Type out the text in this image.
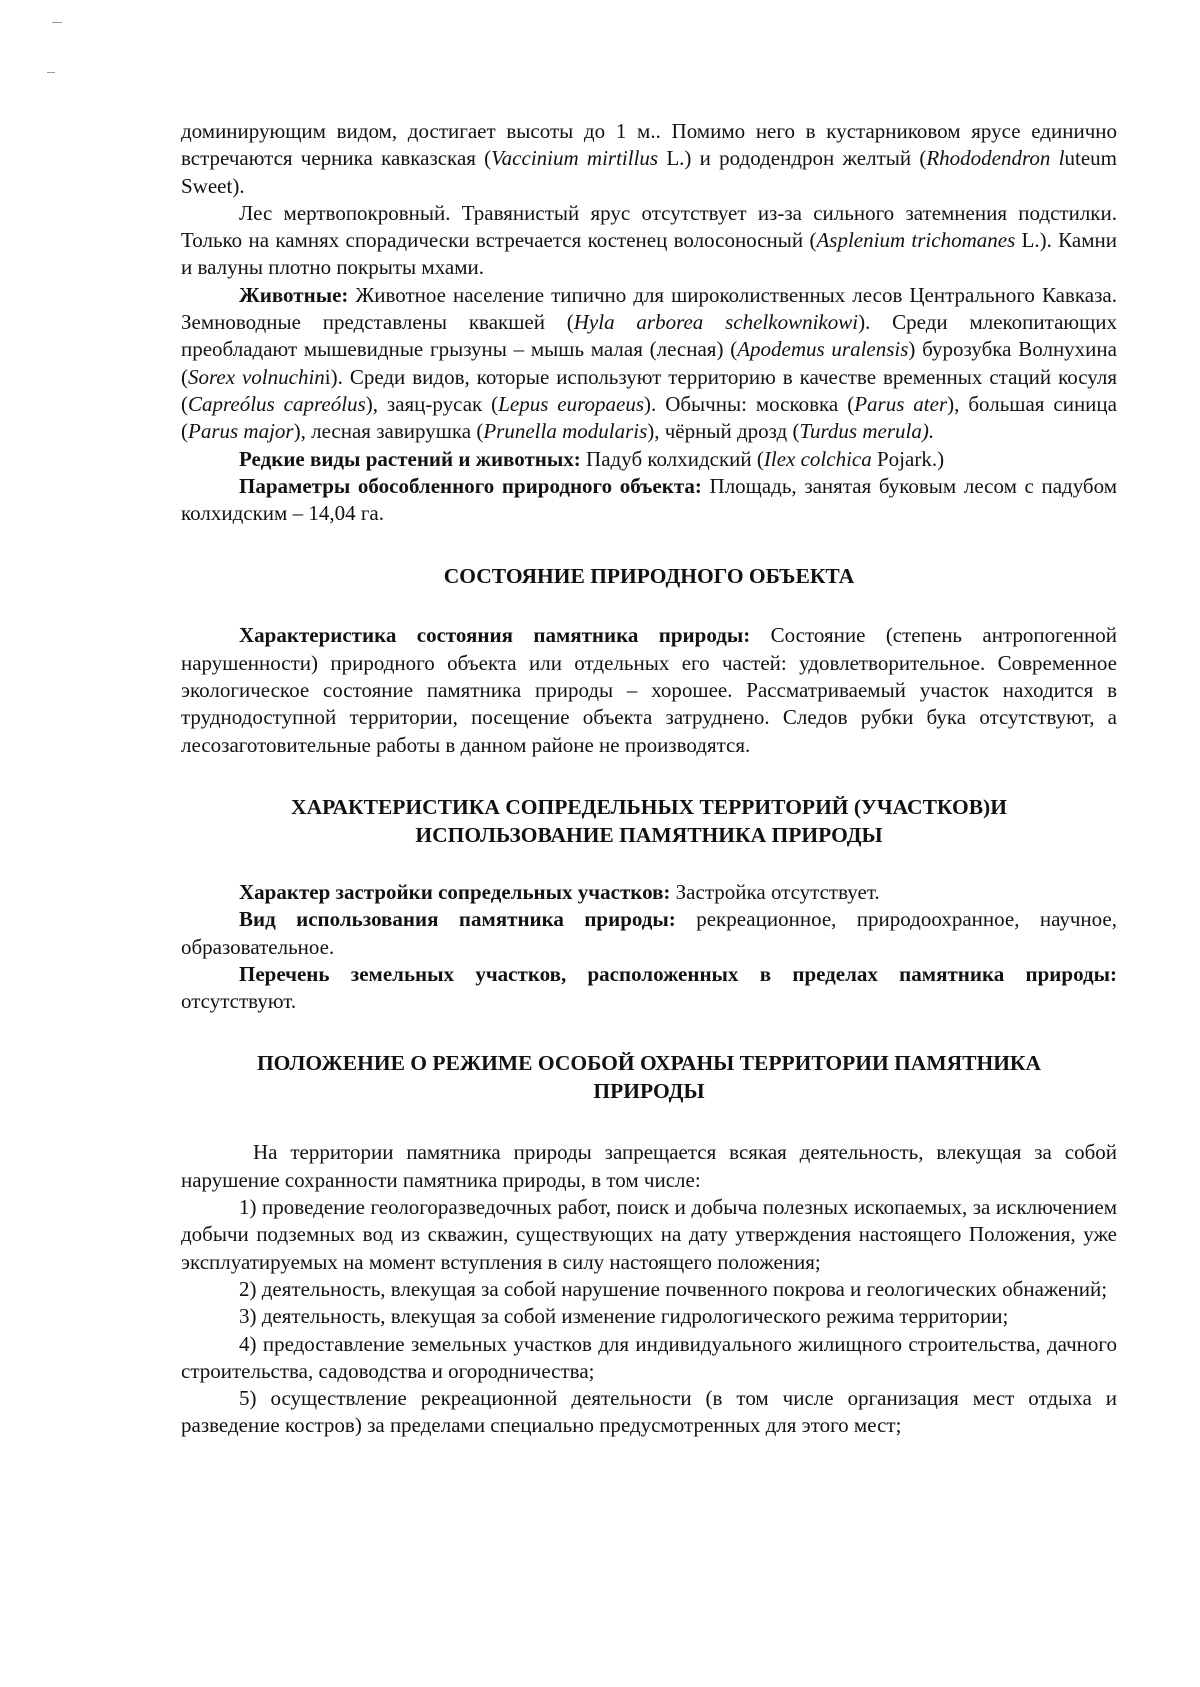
доминирующим видом, достигает высоты до 1 м.. Помимо него в кустарниковом ярусе единично встречаются черника кавказская (Vaccinium mirtillus L.) и рододендрон желтый (Rhododendron luteum Sweet).

Лес мертвопокровный. Травянистый ярус отсутствует из-за сильного затемнения подстилки. Только на камнях спорадически встречается костенец волосоносный (Asplenium trichomanes L.). Камни и валуны плотно покрыты мхами.

Животные: Животное население типично для широколиственных лесов Центрального Кавказа. Земноводные представлены квакшей (Hyla arborea schelkownikowi). Среди млекопитающих преобладают мышевидные грызуны – мышь малая (лесная) (Apodemus uralensis) бурозубка Волнухина (Sorex volnuchini). Среди видов, которые используют территорию в качестве временных стаций косуля (Capreólus capreólus), заяц-русак (Lepus europaeus). Обычны: московка (Parus ater), большая синица (Parus major), лесная завирушка (Prunella modularis), чёрный дрозд (Turdus merula).

Редкие виды растений и животных: Падуб колхидский (Ilex colchica Pojark.)

Параметры обособленного природного объекта: Площадь, занятая буковым лесом с падубом колхидским – 14,04 га.

СОСТОЯНИЕ ПРИРОДНОГО ОБЪЕКТА

Характеристика состояния памятника природы: Состояние (степень антропогенной нарушенности) природного объекта или отдельных его частей: удовлетворительное. Современное экологическое состояние памятника природы – хорошее. Рассматриваемый участок находится в труднодоступной территории, посещение объекта затруднено. Следов рубки бука отсутствуют, а лесозаготовительные работы в данном районе не производятся.

ХАРАКТЕРИСТИКА СОПРЕДЕЛЬНЫХ ТЕРРИТОРИЙ (УЧАСТКОВ)И

ИСПОЛЬЗОВАНИЕ ПАМЯТНИКА ПРИРОДЫ

Характер застройки сопредельных участков: Застройка отсутствует.

Вид использования памятника природы: рекреационное, природоохранное, научное, образовательное.

Перечень земельных участков, расположенных в пределах памятника природы: отсутствуют.

ПОЛОЖЕНИЕ О РЕЖИМЕ ОСОБОЙ ОХРАНЫ ТЕРРИТОРИИ ПАМЯТНИКА

ПРИРОДЫ

На территории памятника природы запрещается всякая деятельность, влекущая за собой нарушение сохранности памятника природы, в том числе:

1) проведение геологоразведочных работ, поиск и добыча полезных ископаемых, за исключением добычи подземных вод из скважин, существующих на дату утверждения настоящего Положения, уже эксплуатируемых на момент вступления в силу настоящего положения;

2) деятельность, влекущая за собой нарушение почвенного покрова и геологических обнажений;

3) деятельность, влекущая за собой изменение гидрологического режима территории;

4) предоставление земельных участков для индивидуального жилищного строительства, дачного строительства, садоводства и огородничества;

5) осуществление рекреационной деятельности (в том числе организация мест отдыха и разведение костров) за пределами специально предусмотренных для этого мест;
